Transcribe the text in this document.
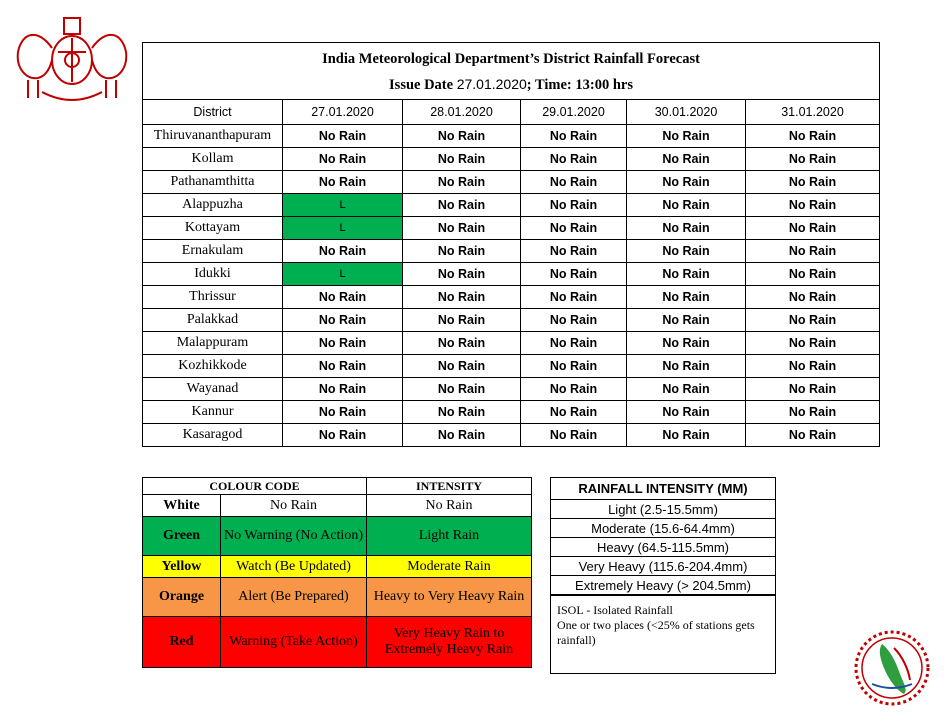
India Meteorological Department’s District Rainfall Forecast
Issue Date 27.01.2020; Time: 13:00 hrs					

District	27.01.2020	28.01.2020	29.01.2020	30.01.2020	31.01.2020
Thiruvananthapuram	No Rain	No Rain	No Rain	No Rain	No Rain
Kollam	No Rain	No Rain	No Rain	No Rain	No Rain
Pathanamthitta	No Rain	No Rain	No Rain	No Rain	No Rain
Alappuzha	L	No Rain	No Rain	No Rain	No Rain
Kottayam	L	No Rain	No Rain	No Rain	No Rain
Ernakulam	No Rain	No Rain	No Rain	No Rain	No Rain
Idukki	L	No Rain	No Rain	No Rain	No Rain
Thrissur	No Rain	No Rain	No Rain	No Rain	No Rain
Palakkad	No Rain	No Rain	No Rain	No Rain	No Rain
Malappuram	No Rain	No Rain	No Rain	No Rain	No Rain
Kozhikkode	No Rain	No Rain	No Rain	No Rain	No Rain
Wayanad	No Rain	No Rain	No Rain	No Rain	No Rain
Kannur	No Rain	No Rain	No Rain	No Rain	No Rain
Kasaragod	No Rain	No Rain	No Rain	No Rain	No Rain
COLOUR CODE		INTENSITY
White	No Rain	No Rain
Green	No Warning (No Action)	Light Rain
Yellow	Watch (Be Updated)	Moderate Rain
Orange	Alert (Be Prepared)	Heavy to Very Heavy Rain
Red	Warning (Take Action)	Very Heavy Rain to Extremely Heavy Rain
RAINFALL INTENSITY (MM)
Light (2.5-15.5mm)
Moderate (15.6-64.4mm)
Heavy (64.5-115.5mm)
Very Heavy (115.6-204.4mm)
Extremely Heavy (> 204.5mm)
ISOL - Isolated Rainfall
One or two places (<25% of stations gets rainfall)
